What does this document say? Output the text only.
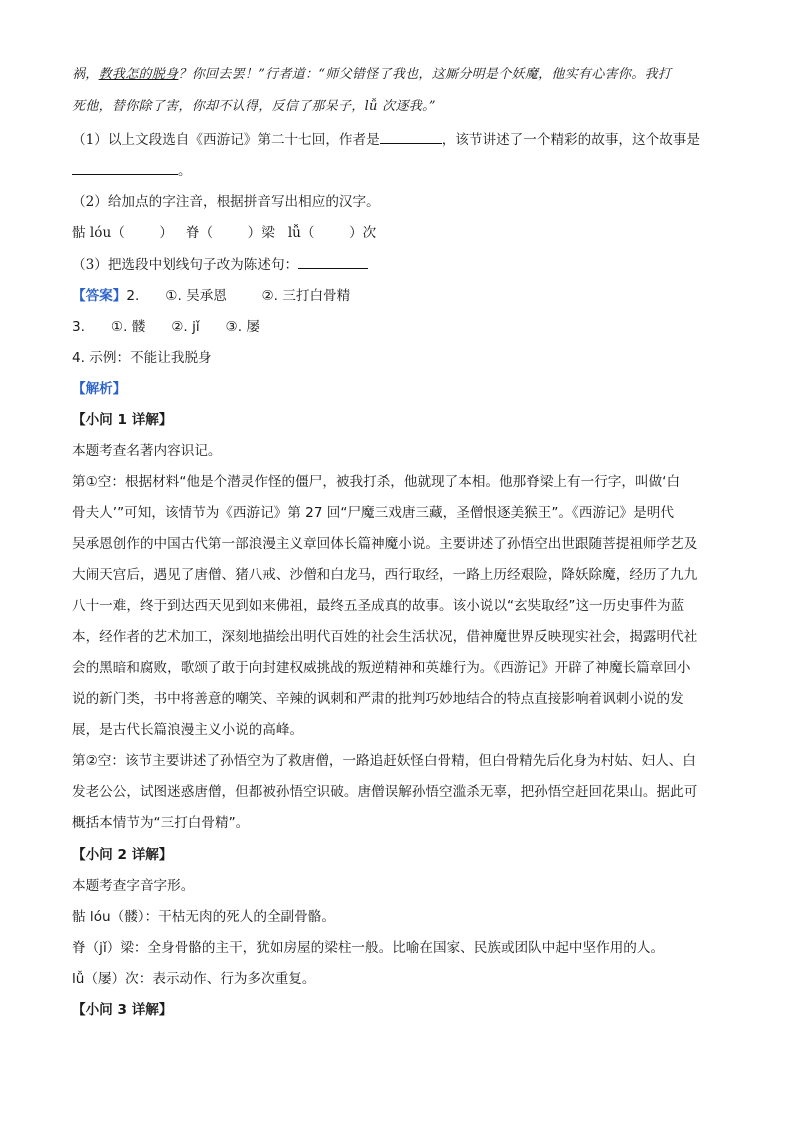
祸，教我怎的脱身？你回去罢！”行者道：“师父错怪了我也，这厮分明是个妖魔，他实有心害你。我打
死他，替你除了害，你却不认得，反信了那呆子，lǚ 次逐我。”
（1）以上文段选自《西游记》第二十七回，作者是	，该节讲述了一个精彩的故事，这个故事是
。
（2）给加点的字注音，根据拼音写出相应的汉字。
骷 lóu（        ）   脊（        ）梁   lǚ（        ）次
（3）把选段中划线句子改为陈述句：
【答案】2.      ①. 吴承恩        ②. 三打白骨精
3.      ①. 髅      ②. jǐ      ③. 屡
4. 示例：不能让我脱身
【解析】
【小问 1 详解】
本题考查名著内容识记。
第①空：根据材料“他是个潜灵作怪的僵尸，被我打杀，他就现了本相。他那脊梁上有一行字，叫做‘白
骨夫人’”可知，该情节为《西游记》第 27 回“尸魔三戏唐三藏，圣僧恨逐美猴王”。《西游记》是明代
吴承恩创作的中国古代第一部浪漫主义章回体长篇神魔小说。主要讲述了孙悟空出世跟随菩提祖师学艺及
大闹天宫后，遇见了唐僧、猪八戒、沙僧和白龙马，西行取经，一路上历经艰险，降妖除魔，经历了九九
八十一难，终于到达西天见到如来佛祖，最终五圣成真的故事。该小说以“玄奘取经”这一历史事件为蓝
本，经作者的艺术加工，深刻地描绘出明代百姓的社会生活状况，借神魔世界反映现实社会，揭露明代社
会的黑暗和腐败，歌颂了敢于向封建权威挑战的叛逆精神和英雄行为。《西游记》开辟了神魔长篇章回小
说的新门类，书中将善意的嘲笑、辛辣的讽刺和严肃的批判巧妙地结合的特点直接影响着讽刺小说的发
展，是古代长篇浪漫主义小说的高峰。
第②空：该节主要讲述了孙悟空为了救唐僧，一路追赶妖怪白骨精，但白骨精先后化身为村姑、妇人、白
发老公公，试图迷惑唐僧，但都被孙悟空识破。唐僧误解孙悟空滥杀无辜，把孙悟空赶回花果山。据此可
概括本情节为“三打白骨精”。
【小问 2 详解】
本题考查字音字形。
骷 lóu（髅）：干枯无肉的死人的全副骨骼。
脊（jǐ）梁：全身骨骼的主干，犹如房屋的梁柱一般。比喻在国家、民族或团队中起中坚作用的人。
lǚ（屡）次：表示动作、行为多次重复。
【小问 3 详解】
